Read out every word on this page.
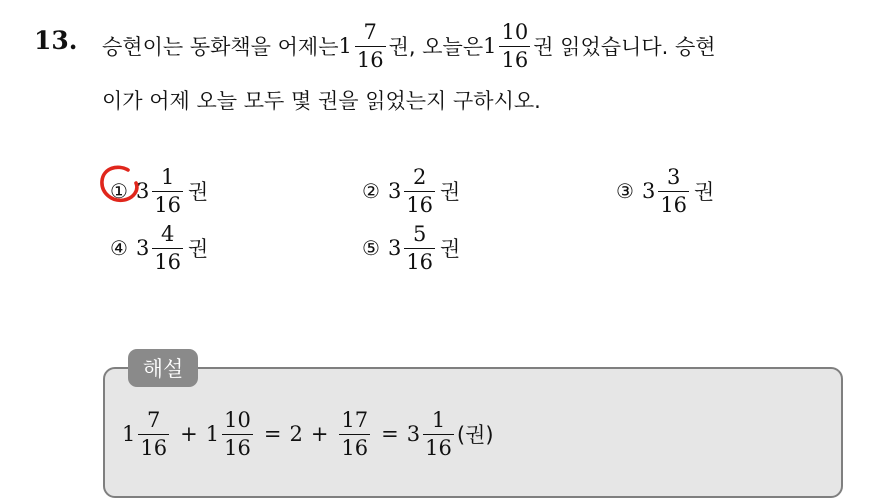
13. 승현이는 동화책을 어제는 $1 \frac{7}{16}$ 권, 오늘은 $1 \frac{10}{16}$ 권 읽었습니다. 승현
이가 어제 오늘 모두 몇 권을 읽었는지 구하시오.
① $3 \frac{1}{16}$ 권	② $3 \frac{2}{16}$ 권	③ $3 \frac{3}{16}$ 권
④ $3 \frac{4}{16}$ 권	⑤ $3 \frac{5}{16}$ 권
해설
$1 \frac{7}{16} + 1 \frac{10}{16} = 2 + \frac{17}{16} = 3 \frac{1}{16}$ (권)
